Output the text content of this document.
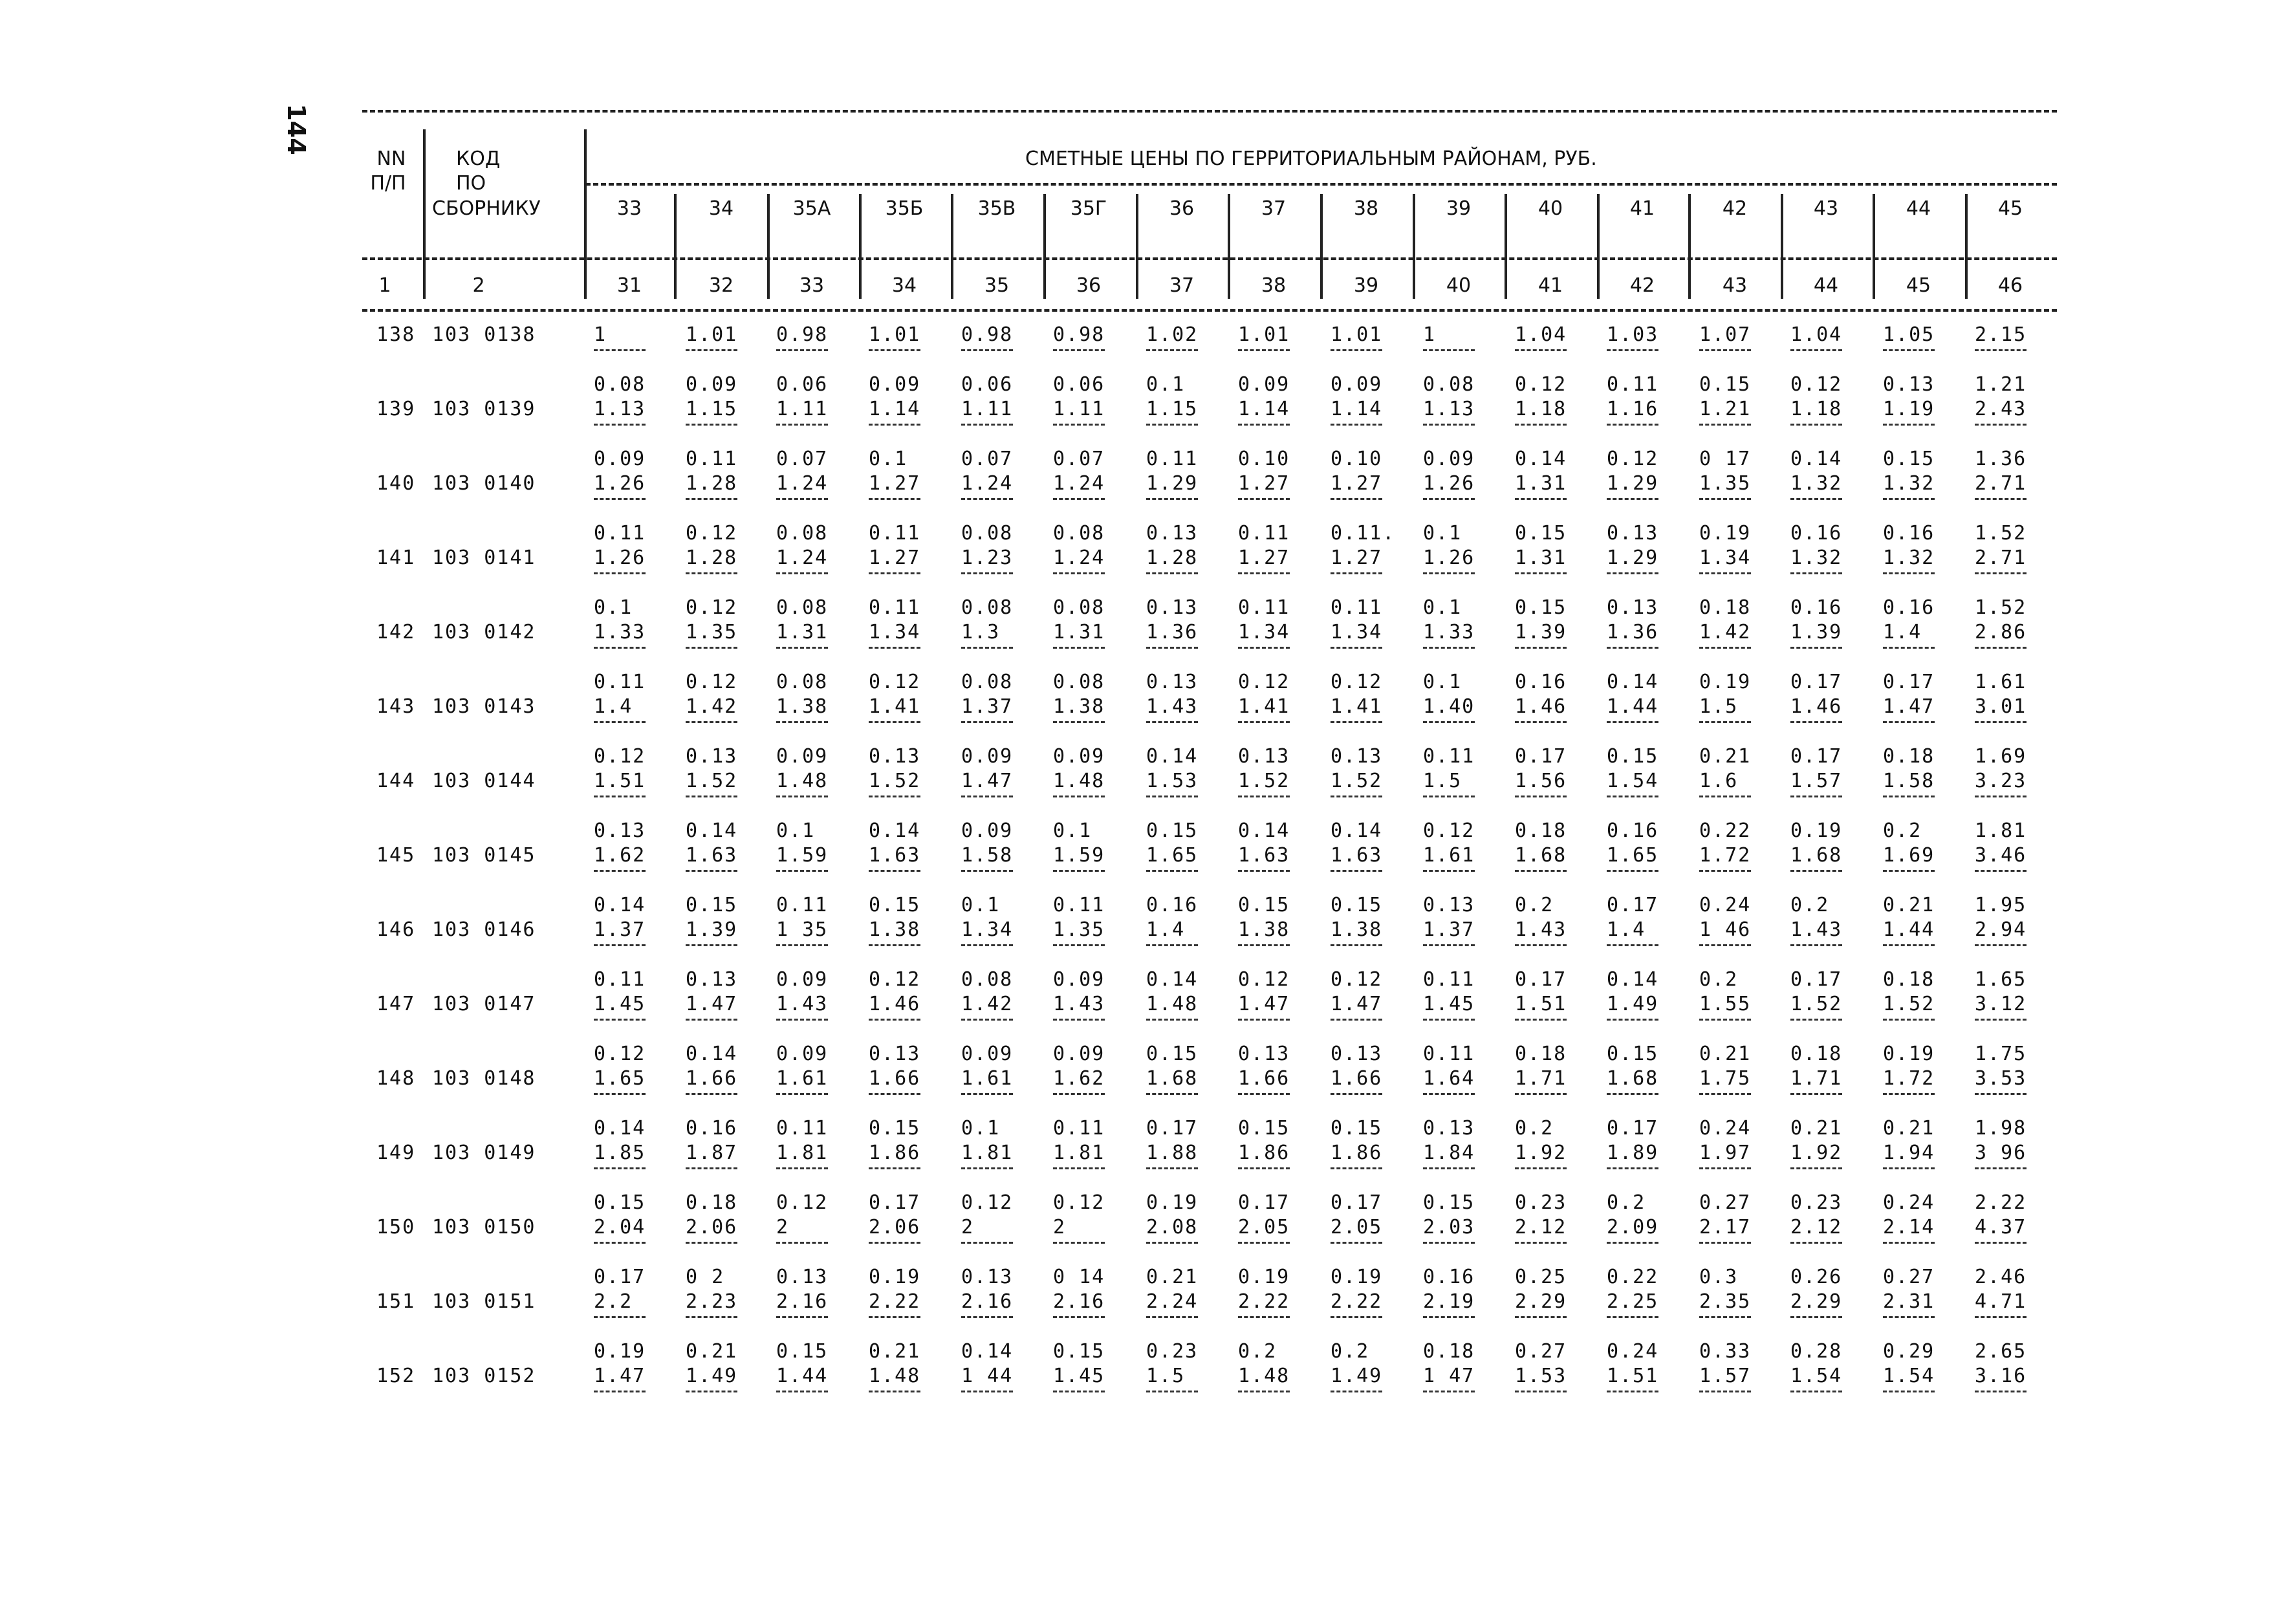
144
NN
П/П
КОД
ПО
СБОРНИКУ
СМЕТНЫЕ ЦЕНЫ ПО ГЕРРИТОРИАЛЬНЫМ РАЙОНАМ, РУБ.
1	2
33	34	35А	35Б	35В	35Г	36	37	38	39	40	41	42	43	44	45
31	32	33	34	35	36	37	38	39	40	41	42	43	44	45	46
138 103 0138	1	1.01 0.98 1.01 0.98 0.98 1.02 1.01 1.01 1	1.04 1.03 1.07 1.04 1.05 2.15
0.08 0.09 0.06 0.09 0.06 0.06 0.1	0.09 0.09 0.08 0.12 0.11 0.15 0.12 0.13 1.21
139 103 0139	1.13 1.15 1.11 1.14 1.11 1.11 1.15 1.14 1.14 1.13 1.18 1.16 1.21 1.18 1.19 2.43
0.09 0.11 0.07 0.1	0.07 0.07 0.11 0.10 0.10 0.09 0.14 0.12 0 17 0.14 0.15 1.36
140 103 0140	1.26 1.28 1.24 1.27 1.24 1.24 1.29 1.27 1.27 1.26 1.31 1.29 1.35 1.32 1.32 2.71
0.11 0.12 0.08 0.11 0.08 0.08 0.13 0.11 0.11. 0.1	0.15 0.13 0.19 0.16 0.16 1.52
141 103 0141	1.26 1.28 1.24 1.27 1.23 1.24 1.28 1.27 1.27 1.26 1.31 1.29 1.34 1.32 1.32 2.71
0.1	0.12 0.08 0.11 0.08 0.08 0.13 0.11 0.11 0.1	0.15 0.13 0.18 0.16 0.16 1.52
142 103 0142	1.33 1.35 1.31 1.34 1.3	1.31 1.36 1.34 1.34 1.33 1.39 1.36 1.42 1.39 1.4	2.86
0.11 0.12 0.08 0.12 0.08 0.08 0.13 0.12 0.12 0.1	0.16 0.14 0.19 0.17 0.17 1.61
143 103 0143	1.4	1.42 1.38 1.41 1.37 1.38 1.43 1.41 1.41 1.40 1.46 1.44 1.5	1.46 1.47 3.01
0.12 0.13 0.09 0.13 0.09 0.09 0.14 0.13 0.13 0.11 0.17 0.15 0.21 0.17 0.18 1.69
144 103 0144	1.51 1.52 1.48 1.52 1.47 1.48 1.53 1.52 1.52 1.5	1.56 1.54 1.6	1.57 1.58 3.23
0.13 0.14 0.1	0.14 0.09 0.1	0.15 0.14 0.14 0.12 0.18 0.16 0.22 0.19 0.2	1.81
145 103 0145	1.62 1.63 1.59 1.63 1.58 1.59 1.65 1.63 1.63 1.61 1.68 1.65 1.72 1.68 1.69 3.46
0.14 0.15 0.11 0.15 0.1	0.11 0.16 0.15 0.15 0.13 0.2	0.17 0.24 0.2	0.21 1.95
146 103 0146	1.37 1.39 1 35 1.38 1.34 1.35 1.4	1.38 1.38 1.37 1.43 1.4	1 46 1.43 1.44 2.94
0.11 0.13 0.09 0.12 0.08 0.09 0.14 0.12 0.12 0.11 0.17 0.14 0.2	0.17 0.18 1.65
147 103 0147	1.45 1.47 1.43 1.46 1.42 1.43 1.48 1.47 1.47 1.45 1.51 1.49 1.55 1.52 1.52 3.12
0.12 0.14 0.09 0.13 0.09 0.09 0.15 0.13 0.13 0.11 0.18 0.15 0.21 0.18 0.19 1.75
148 103 0148	1.65 1.66 1.61 1.66 1.61 1.62 1.68 1.66 1.66 1.64 1.71 1.68 1.75 1.71 1.72 3.53
0.14 0.16 0.11 0.15 0.1	0.11 0.17 0.15 0.15 0.13 0.2	0.17 0.24 0.21 0.21 1.98
149 103 0149	1.85 1.87 1.81 1.86 1.81 1.81 1.88 1.86 1.86 1.84 1.92 1.89 1.97 1.92 1.94 3 96
0.15 0.18 0.12 0.17 0.12 0.12 0.19 0.17 0.17 0.15 0.23 0.2	0.27 0.23 0.24 2.22
150 103 0150	2.04 2.06 2	2.06 2	2	2.08 2.05 2.05 2.03 2.12 2.09 2.17 2.12 2.14 4.37
0.17 0 2	0.13 0.19 0.13 0 14 0.21 0.19 0.19 0.16 0.25 0.22 0.3	0.26 0.27 2.46
151 103 0151	2.2	2.23 2.16 2.22 2.16 2.16 2.24 2.22 2.22 2.19 2.29 2.25 2.35 2.29 2.31 4.71
0.19 0.21 0.15 0.21 0.14 0.15 0.23 0.2	0.2	0.18 0.27 0.24 0.33 0.28 0.29 2.65
152 103 0152	1.47 1.49 1.44 1.48 1 44 1.45 1.5	1.48 1.49 1 47 1.53 1.51 1.57 1.54 1.54 3.16
